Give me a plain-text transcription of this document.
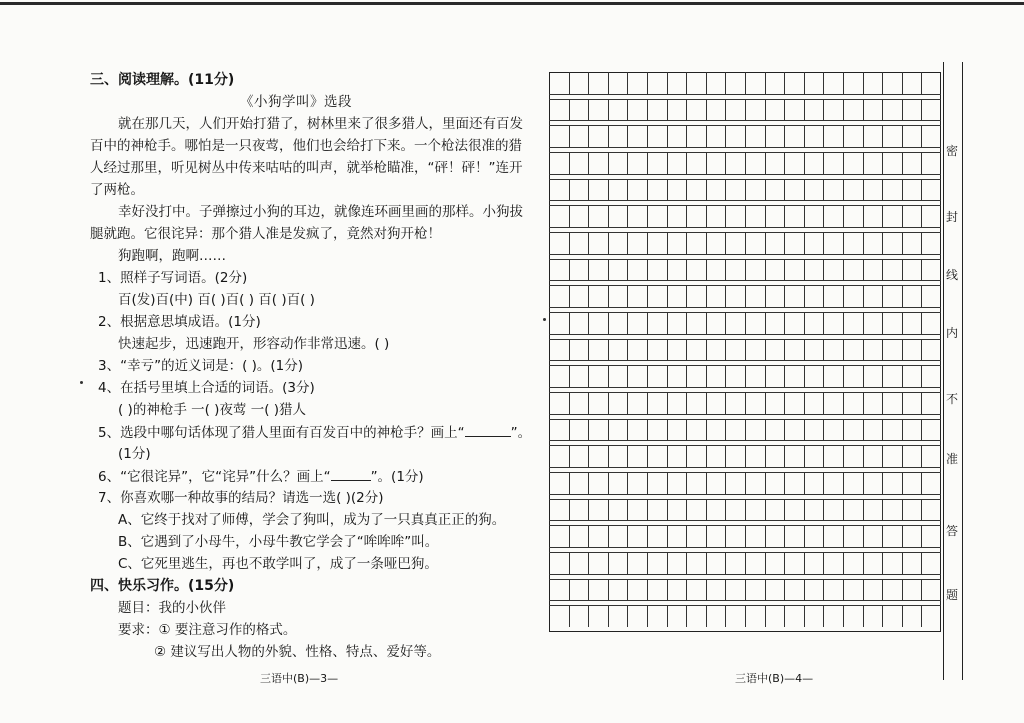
三、阅读理解。(11分)
《小狗学叫》选段
就在那几天，人们开始打猎了，树林里来了很多猎人，里面还有百发
百中的神枪手。哪怕是一只夜莺，他们也会给打下来。一个枪法很准的猎
人经过那里，听见树丛中传来咕咕的叫声，就举枪瞄准，“砰！砰！”连开
了两枪。
幸好没打中。子弹擦过小狗的耳边，就像连环画里画的那样。小狗拔
腿就跑。它很诧异：那个猎人准是发疯了，竟然对狗开枪！
狗跑啊，跑啊……
1、照样子写词语。(2分)
百(发)百(中) 百( )百( ) 百( )百( )
2、根据意思填成语。(1分)
快速起步，迅速跑开，形容动作非常迅速。( )
3、“幸亏”的近义词是：( )。(1分)
4、在括号里填上合适的词语。(3分)
( )的神枪手 一( )夜莺 一( )猎人
5、选段中哪句话体现了猎人里面有百发百中的神枪手？画上“	”。
(1分)
6、“它很诧异”，它“诧异”什么？画上“	”。(1分)
7、你喜欢哪一种故事的结局？请选一选( )(2分)
A、它终于找对了师傅，学会了狗叫，成为了一只真真正正的狗。
B、它遇到了小母牛，小母牛教它学会了“哞哞哞”叫。
C、它死里逃生，再也不敢学叫了，成了一条哑巴狗。
四、快乐习作。(15分)
题目：我的小伙伴
要求：① 要注意习作的格式。
② 建议写出人物的外貌、性格、特点、爱好等。
三语中(B)—3—	三语中(B)—4—
密
封
线
内
不
准
答
题
